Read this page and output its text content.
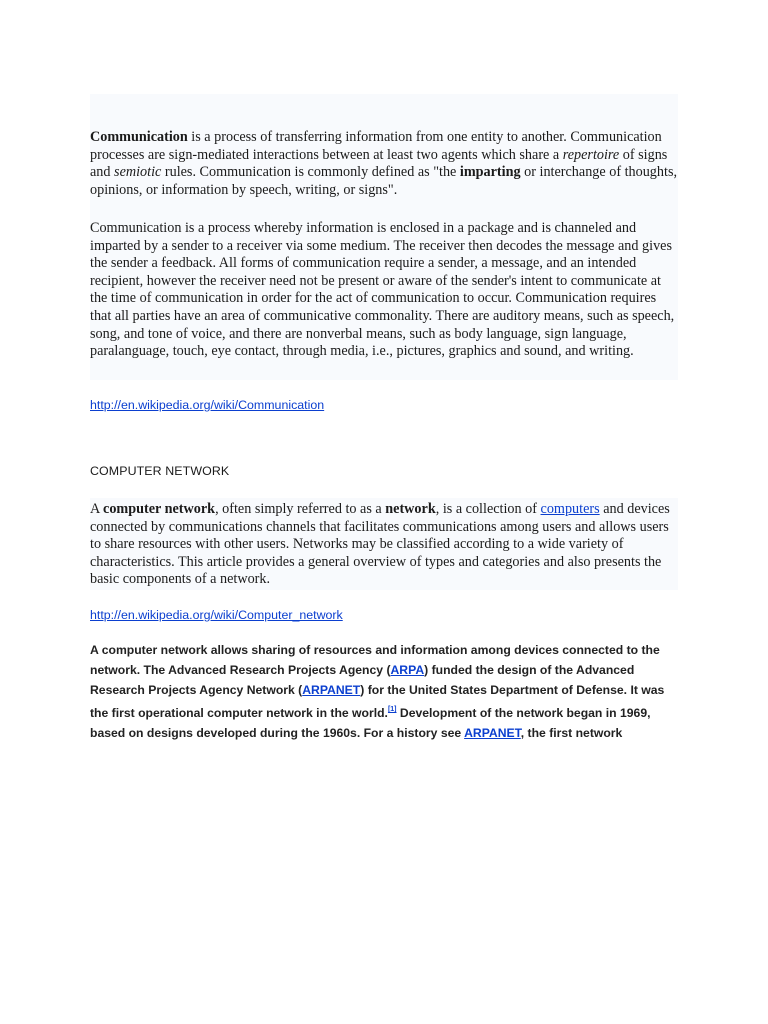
Communication is a process of transferring information from one entity to another. Communication processes are sign-mediated interactions between at least two agents which share a repertoire of signs and semiotic rules. Communication is commonly defined as "the imparting or interchange of thoughts, opinions, or information by speech, writing, or signs".

Communication is a process whereby information is enclosed in a package and is channeled and imparted by a sender to a receiver via some medium. The receiver then decodes the message and gives the sender a feedback. All forms of communication require a sender, a message, and an intended recipient, however the receiver need not be present or aware of the sender's intent to communicate at the time of communication in order for the act of communication to occur. Communication requires that all parties have an area of communicative commonality. There are auditory means, such as speech, song, and tone of voice, and there are nonverbal means, such as body language, sign language, paralanguage, touch, eye contact, through media, i.e., pictures, graphics and sound, and writing.

http://en.wikipedia.org/wiki/Communication
COMPUTER NETWORK

A computer network, often simply referred to as a network, is a collection of computers and devices connected by communications channels that facilitates communications among users and allows users to share resources with other users. Networks may be classified according to a wide variety of characteristics. This article provides a general overview of types and categories and also presents the basic components of a network.

http://en.wikipedia.org/wiki/Computer_network

A computer network allows sharing of resources and information among devices connected to the network. The Advanced Research Projects Agency (ARPA) funded the design of the Advanced Research Projects Agency Network (ARPANET) for the United States Department of Defense. It was the first operational computer network in the world.[1] Development of the network began in 1969, based on designs developed during the 1960s. For a history see ARPANET, the first network
